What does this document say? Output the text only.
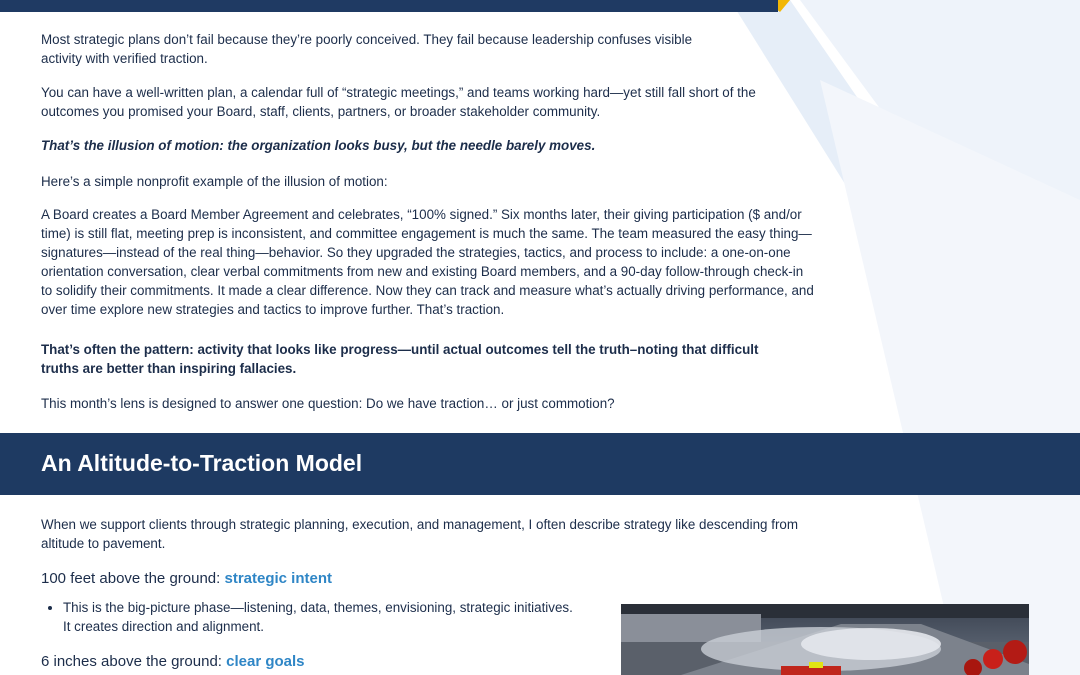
Most strategic plans don’t fail because they’re poorly conceived. They fail because leadership confuses visible activity with verified traction.

You can have a well-written plan, a calendar full of “strategic meetings,” and teams working hard—yet still fall short of the outcomes you promised your Board, staff, clients, partners, or broader stakeholder community.

That’s the illusion of motion: the organization looks busy, but the needle barely moves.

Here’s a simple nonprofit example of the illusion of motion:

A Board creates a Board Member Agreement and celebrates, “100% signed.” Six months later, their giving participation ($ and/or time) is still flat, meeting prep is inconsistent, and committee engagement is much the same. The team measured the easy thing—signatures—instead of the real thing—behavior. So they upgraded the strategies, tactics, and process to include: a one-on-one orientation conversation, clear verbal commitments from new and existing Board members, and a 90-day follow-through check-in to solidify their commitments. It made a clear difference. Now they can track and measure what’s actually driving performance, and over time explore new strategies and tactics to improve further. That’s traction.

That’s often the pattern: activity that looks like progress—until actual outcomes tell the truth–noting that difficult truths are better than inspiring fallacies.

This month’s lens is designed to answer one question: Do we have traction… or just commotion?

An Altitude-to-Traction Model

When we support clients through strategic planning, execution, and management, I often describe strategy like descending from altitude to pavement.

100 feet above the ground: strategic intent
• This is the big-picture phase—listening, data, themes, envisioning, strategic initiatives. It creates direction and alignment.
6 inches above the ground: clear goals
